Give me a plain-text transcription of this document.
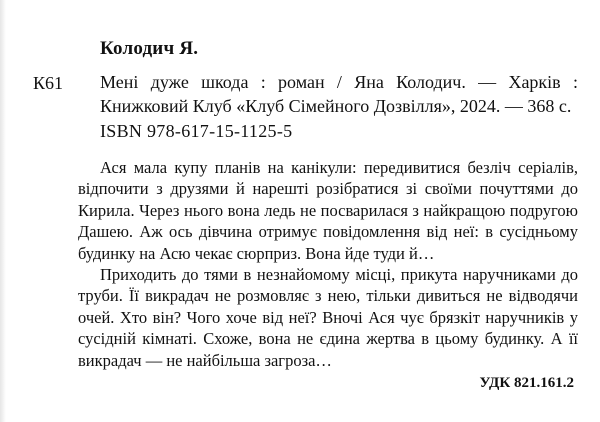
Колодич Я.
К61 Мені дуже шкода : роман / Яна Колодич. — Харків : Книжковий Клуб «Клуб Сімейного Дозвілля», 2024. — 368 с.
ISBN 978-617-15-1125-5

Ася мала купу планів на канікули: передивитися безліч серіалів, відпочити з друзями й нарешті розібратися зі своїми почуттями до Кирила. Через нього вона ледь не посварилася з найкращою подругою Дашею. Аж ось дівчина отримує повідомлення від неї: в сусідньому будинку на Асю чекає сюрприз. Вона йде туди й…

Приходить до тями в незнайомому місці, прикута наручниками до труби. Її викрадач не розмовляє з нею, тільки дивиться не відводячи очей. Хто він? Чого хоче від неї? Вночі Ася чує брязкіт наручників у сусідній кімнаті. Схоже, вона не єдина жертва в цьому будинку. А її викрадач — не найбільша загроза…

УДК 821.161.2
